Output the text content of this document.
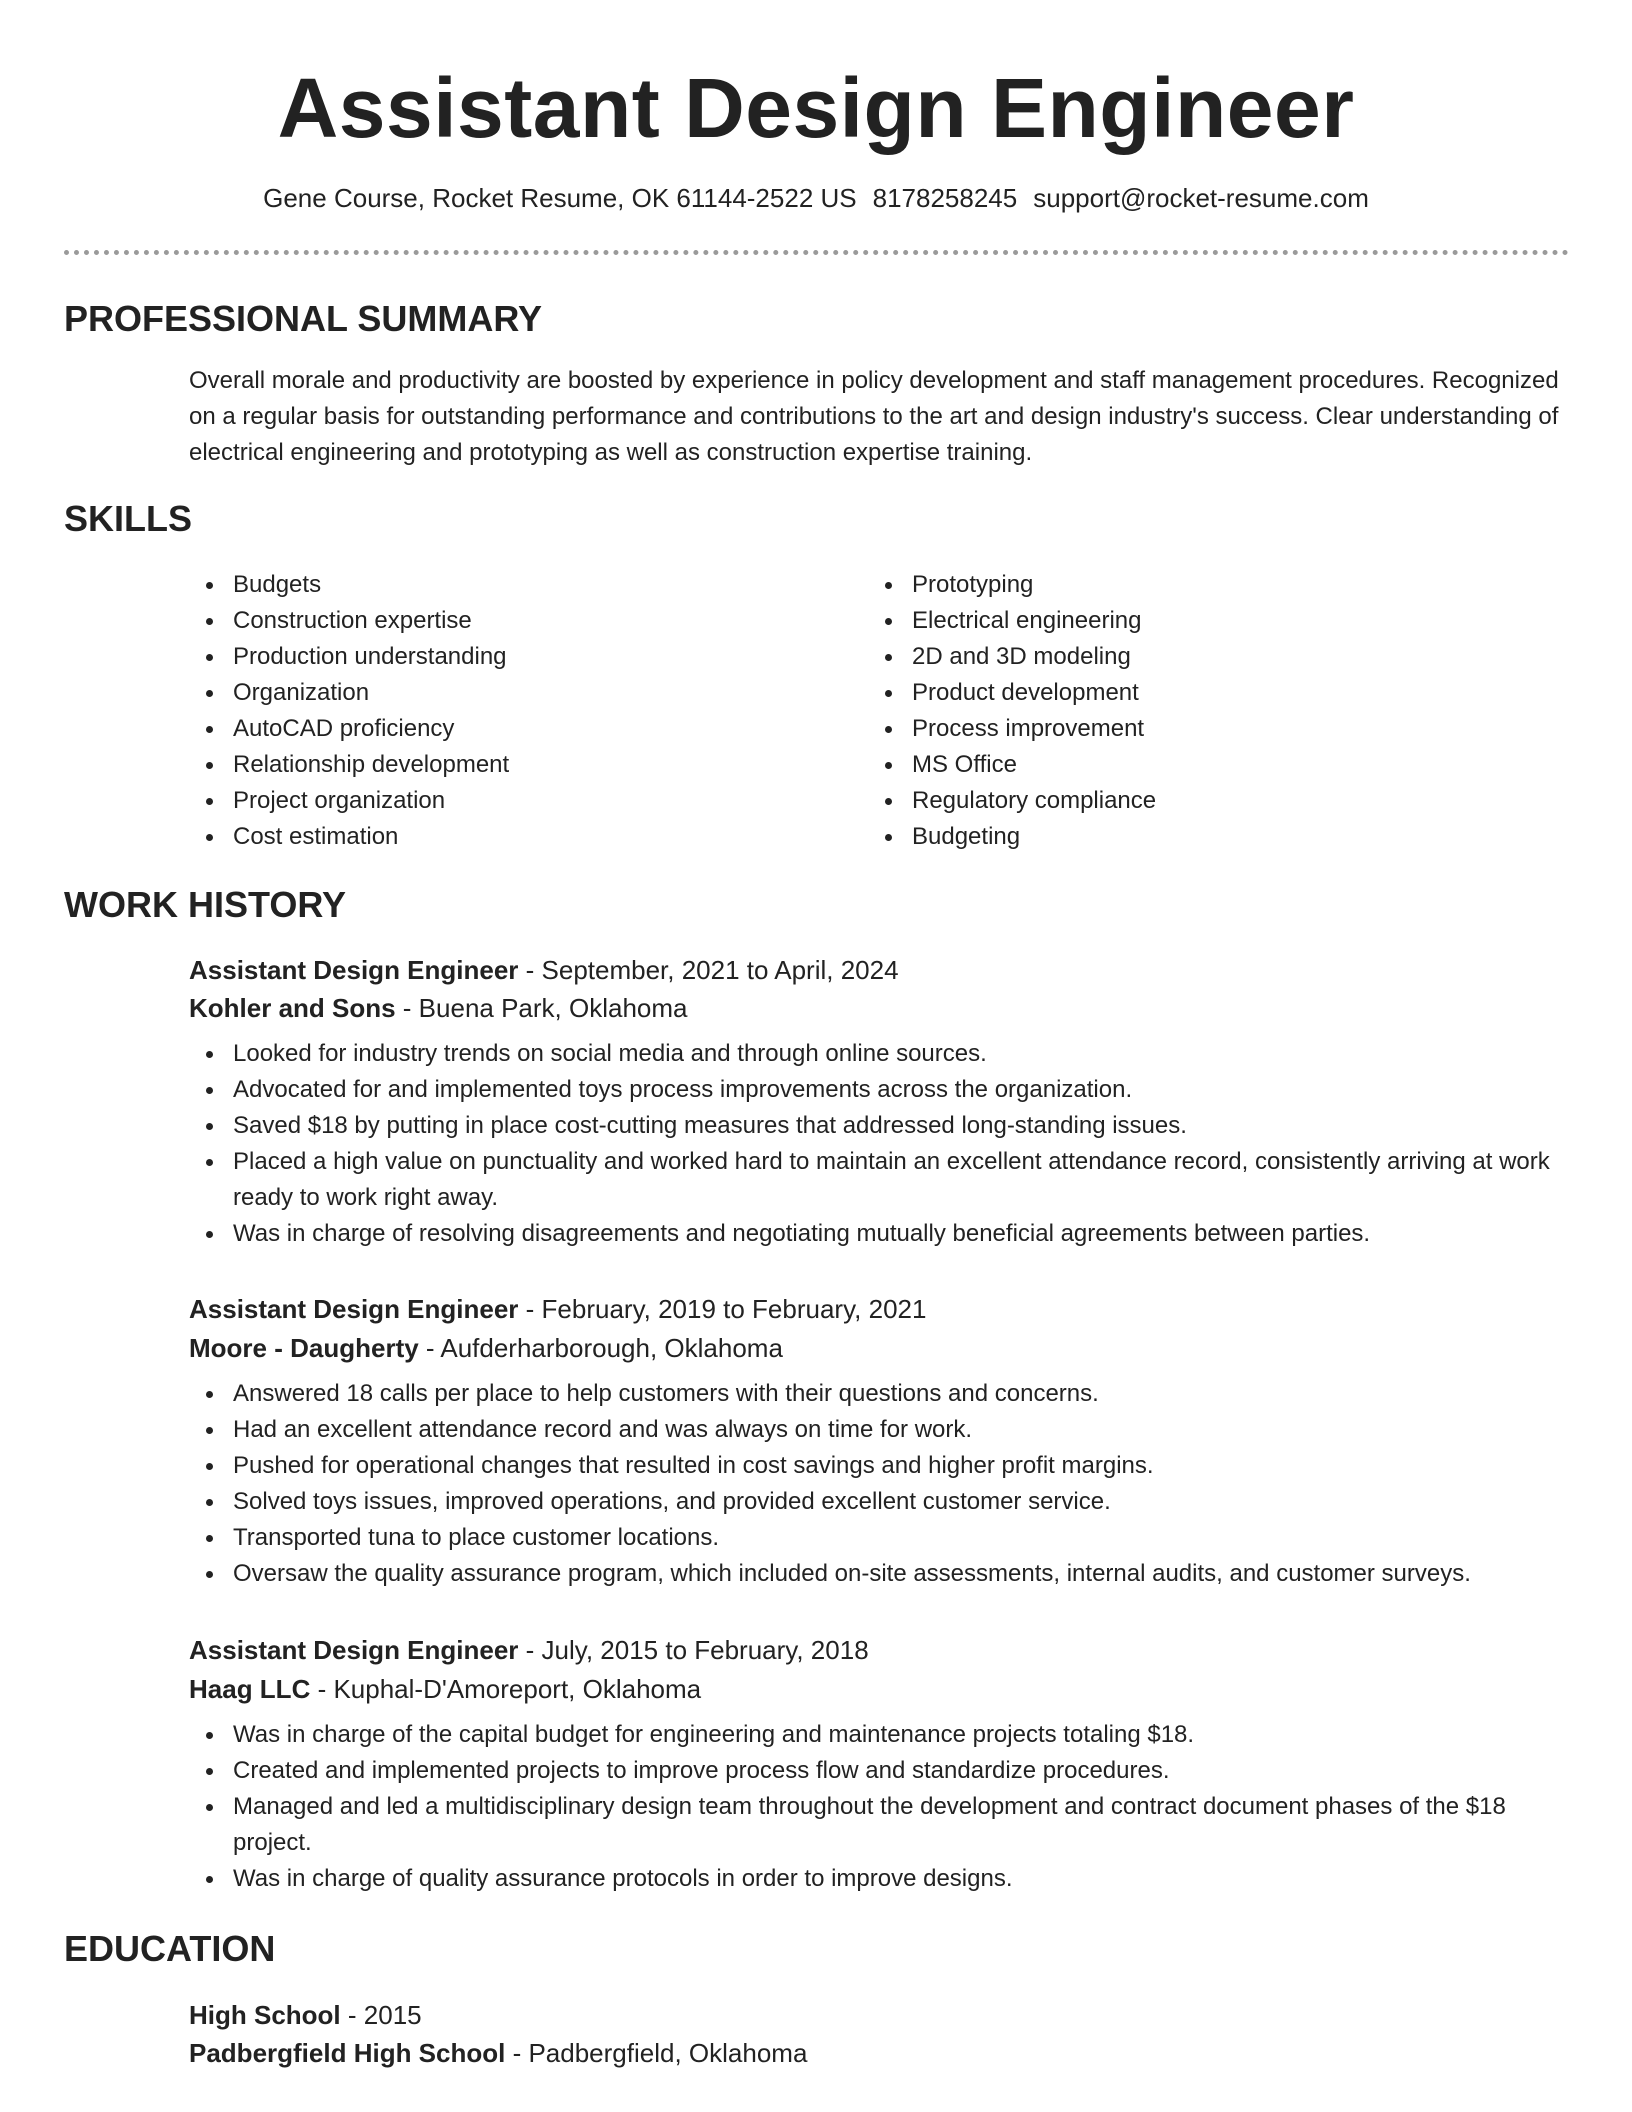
Assistant Design Engineer
Gene Course, Rocket Resume, OK 61144-2522 US 8178258245 support@rocket-resume.com
PROFESSIONAL SUMMARY
Overall morale and productivity are boosted by experience in policy development and staff management procedures. Recognized on a regular basis for outstanding performance and contributions to the art and design industry's success. Clear understanding of electrical engineering and prototyping as well as construction expertise training.
SKILLS
Budgets
Construction expertise
Production understanding
Organization
AutoCAD proficiency
Relationship development
Project organization
Cost estimation
Prototyping
Electrical engineering
2D and 3D modeling
Product development
Process improvement
MS Office
Regulatory compliance
Budgeting
WORK HISTORY
Assistant Design Engineer - September, 2021 to April, 2024
Kohler and Sons - Buena Park, Oklahoma
Looked for industry trends on social media and through online sources.
Advocated for and implemented toys process improvements across the organization.
Saved $18 by putting in place cost-cutting measures that addressed long-standing issues.
Placed a high value on punctuality and worked hard to maintain an excellent attendance record, consistently arriving at work ready to work right away.
Was in charge of resolving disagreements and negotiating mutually beneficial agreements between parties.
Assistant Design Engineer - February, 2019 to February, 2021
Moore - Daugherty - Aufderharborough, Oklahoma
Answered 18 calls per place to help customers with their questions and concerns.
Had an excellent attendance record and was always on time for work.
Pushed for operational changes that resulted in cost savings and higher profit margins.
Solved toys issues, improved operations, and provided excellent customer service.
Transported tuna to place customer locations.
Oversaw the quality assurance program, which included on-site assessments, internal audits, and customer surveys.
Assistant Design Engineer - July, 2015 to February, 2018
Haag LLC - Kuphal-D'Amoreport, Oklahoma
Was in charge of the capital budget for engineering and maintenance projects totaling $18.
Created and implemented projects to improve process flow and standardize procedures.
Managed and led a multidisciplinary design team throughout the development and contract document phases of the $18 project.
Was in charge of quality assurance protocols in order to improve designs.
EDUCATION
High School - 2015
Padbergfield High School - Padbergfield, Oklahoma
